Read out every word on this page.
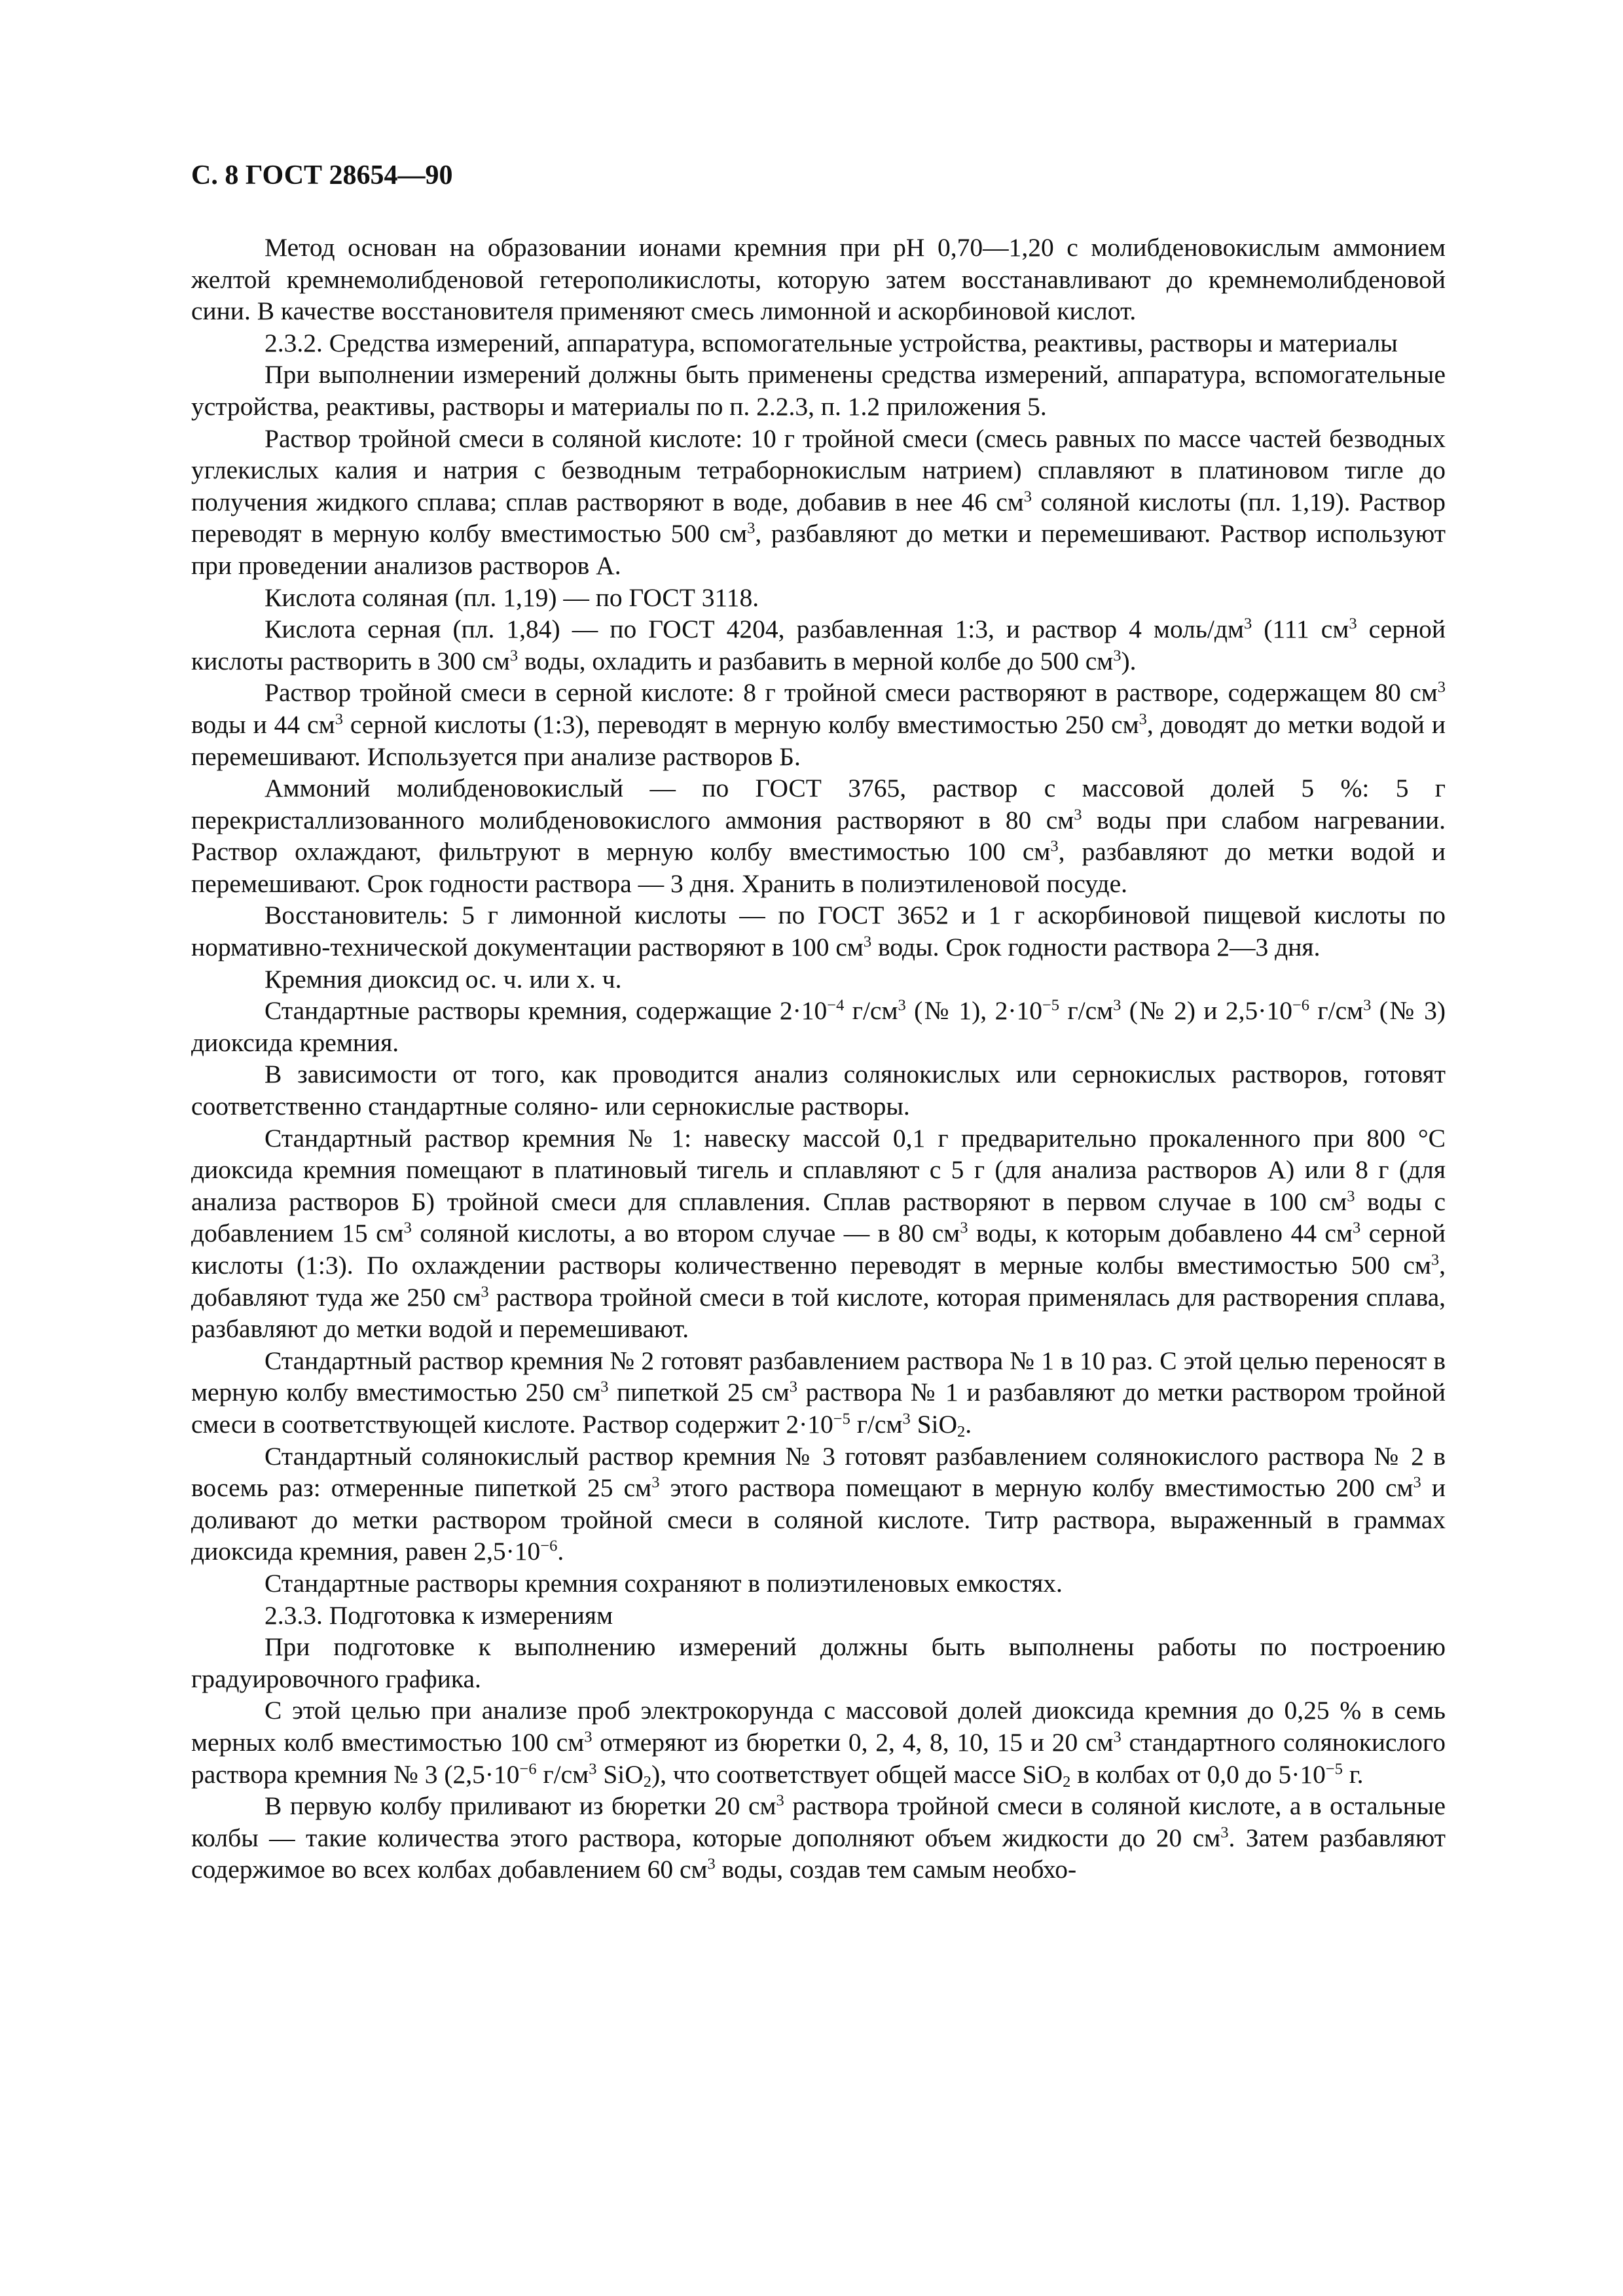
С. 8 ГОСТ 28654—90

Метод основан на образовании ионами кремния при pH 0,70—1,20 с молибденовокислым аммонием желтой кремнемолибденовой гетерополикислоты, которую затем восстанавливают до кремнемолибденовой сини. В качестве восстановителя применяют смесь лимонной и аскорбиновой кислот.

2.3.2. Средства измерений, аппаратура, вспомогательные устройства, реактивы, растворы и материалы

При выполнении измерений должны быть применены средства измерений, аппаратура, вспомогательные устройства, реактивы, растворы и материалы по п. 2.2.3, п. 1.2 приложения 5.

Раствор тройной смеси в соляной кислоте: 10 г тройной смеси (смесь равных по массе частей безводных углекислых калия и натрия с безводным тетраборнокислым натрием) сплавляют в платиновом тигле до получения жидкого сплава; сплав растворяют в воде, добавив в нее 46 $см^3$ соляной кислоты (пл. 1,19). Раствор переводят в мерную колбу вместимостью 500 $см^3$, разбавляют до метки и перемешивают. Раствор используют при проведении анализов растворов А.

Кислота соляная (пл. 1,19) — по ГОСТ 3118.

Кислота серная (пл. 1,84) — по ГОСТ 4204, разбавленная 1:3, и раствор 4 моль/$дм^3$ (111 $см^3$ серной кислоты растворить в 300 $см^3$ воды, охладить и разбавить в мерной колбе до 500 $см^3$).

Раствор тройной смеси в серной кислоте: 8 г тройной смеси растворяют в растворе, содержащем 80 $см^3$ воды и 44 $см^3$ серной кислоты (1:3), переводят в мерную колбу вместимостью 250 $см^3$, доводят до метки водой и перемешивают. Используется при анализе растворов Б.

Аммоний молибденовокислый — по ГОСТ 3765, раствор с массовой долей 5 %: 5 г перекристаллизованного молибденовокислого аммония растворяют в 80 $см^3$ воды при слабом нагревании. Раствор охлаждают, фильтруют в мерную колбу вместимостью 100 $см^3$, разбавляют до метки водой и перемешивают. Срок годности раствора — 3 дня. Хранить в полиэтиленовой посуде.

Восстановитель: 5 г лимонной кислоты — по ГОСТ 3652 и 1 г аскорбиновой пищевой кислоты по нормативно-технической документации растворяют в 100 $см^3$ воды. Срок годности раствора 2—3 дня.

Кремния диоксид ос. ч. или х. ч.

Стандартные растворы кремния, содержащие $2\cdot 10^{-4}$ $г/см^3$ (№ 1), $2\cdot 10^{-5}$ $г/см^3$ (№ 2) и $2,5\cdot 10^{-6}$ $г/см^3$ (№ 3) диоксида кремния.

В зависимости от того, как проводится анализ солянокислых или сернокислых растворов, готовят соответственно стандартные соляно- или сернокислые растворы.

Стандартный раствор кремния № 1: навеску массой 0,1 г предварительно прокаленного при 800 °С диоксида кремния помещают в платиновый тигель и сплавляют с 5 г (для анализа растворов А) или 8 г (для анализа растворов Б) тройной смеси для сплавления. Сплав растворяют в первом случае в 100 $см^3$ воды с добавлением 15 $см^3$ соляной кислоты, а во втором случае — в 80 $см^3$ воды, к которым добавлено 44 $см^3$ серной кислоты (1:3). По охлаждении растворы количественно переводят в мерные колбы вместимостью 500 $см^3$, добавляют туда же 250 $см^3$ раствора тройной смеси в той кислоте, которая применялась для растворения сплава, разбавляют до метки водой и перемешивают.

Стандартный раствор кремния № 2 готовят разбавлением раствора № 1 в 10 раз. С этой целью переносят в мерную колбу вместимостью 250 $см^3$ пипеткой 25 $см^3$ раствора № 1 и разбавляют до метки раствором тройной смеси в соответствующей кислоте. Раствор содержит $2\cdot 10^{-5}$ $г/см^3$ SiO$_2$.

Стандартный солянокислый раствор кремния № 3 готовят разбавлением солянокислого раствора № 2 в восемь раз: отмеренные пипеткой 25 $см^3$ этого раствора помещают в мерную колбу вместимостью 200 $см^3$ и доливают до метки раствором тройной смеси в соляной кислоте. Титр раствора, выраженный в граммах диоксида кремния, равен $2,5\cdot 10^{-6}$.

Стандартные растворы кремния сохраняют в полиэтиленовых емкостях.

2.3.3. Подготовка к измерениям

При подготовке к выполнению измерений должны быть выполнены работы по построению градуировочного графика.

С этой целью при анализе проб электрокорунда с массовой долей диоксида кремния до 0,25 % в семь мерных колб вместимостью 100 $см^3$ отмеряют из бюретки 0, 2, 4, 8, 10, 15 и 20 $см^3$ стандартного солянокислого раствора кремния № 3 ($2,5\cdot 10^{-6}$ $г/см^3$ SiO$_2$), что соответствует общей массе SiO$_2$ в колбах от 0,0 до $5\cdot 10^{-5}$ г.

В первую колбу приливают из бюретки 20 $см^3$ раствора тройной смеси в соляной кислоте, а в остальные колбы — такие количества этого раствора, которые дополняют объем жидкости до 20 $см^3$. Затем разбавляют содержимое во всех колбах добавлением 60 $см^3$ воды, создав тем самым необхо-
